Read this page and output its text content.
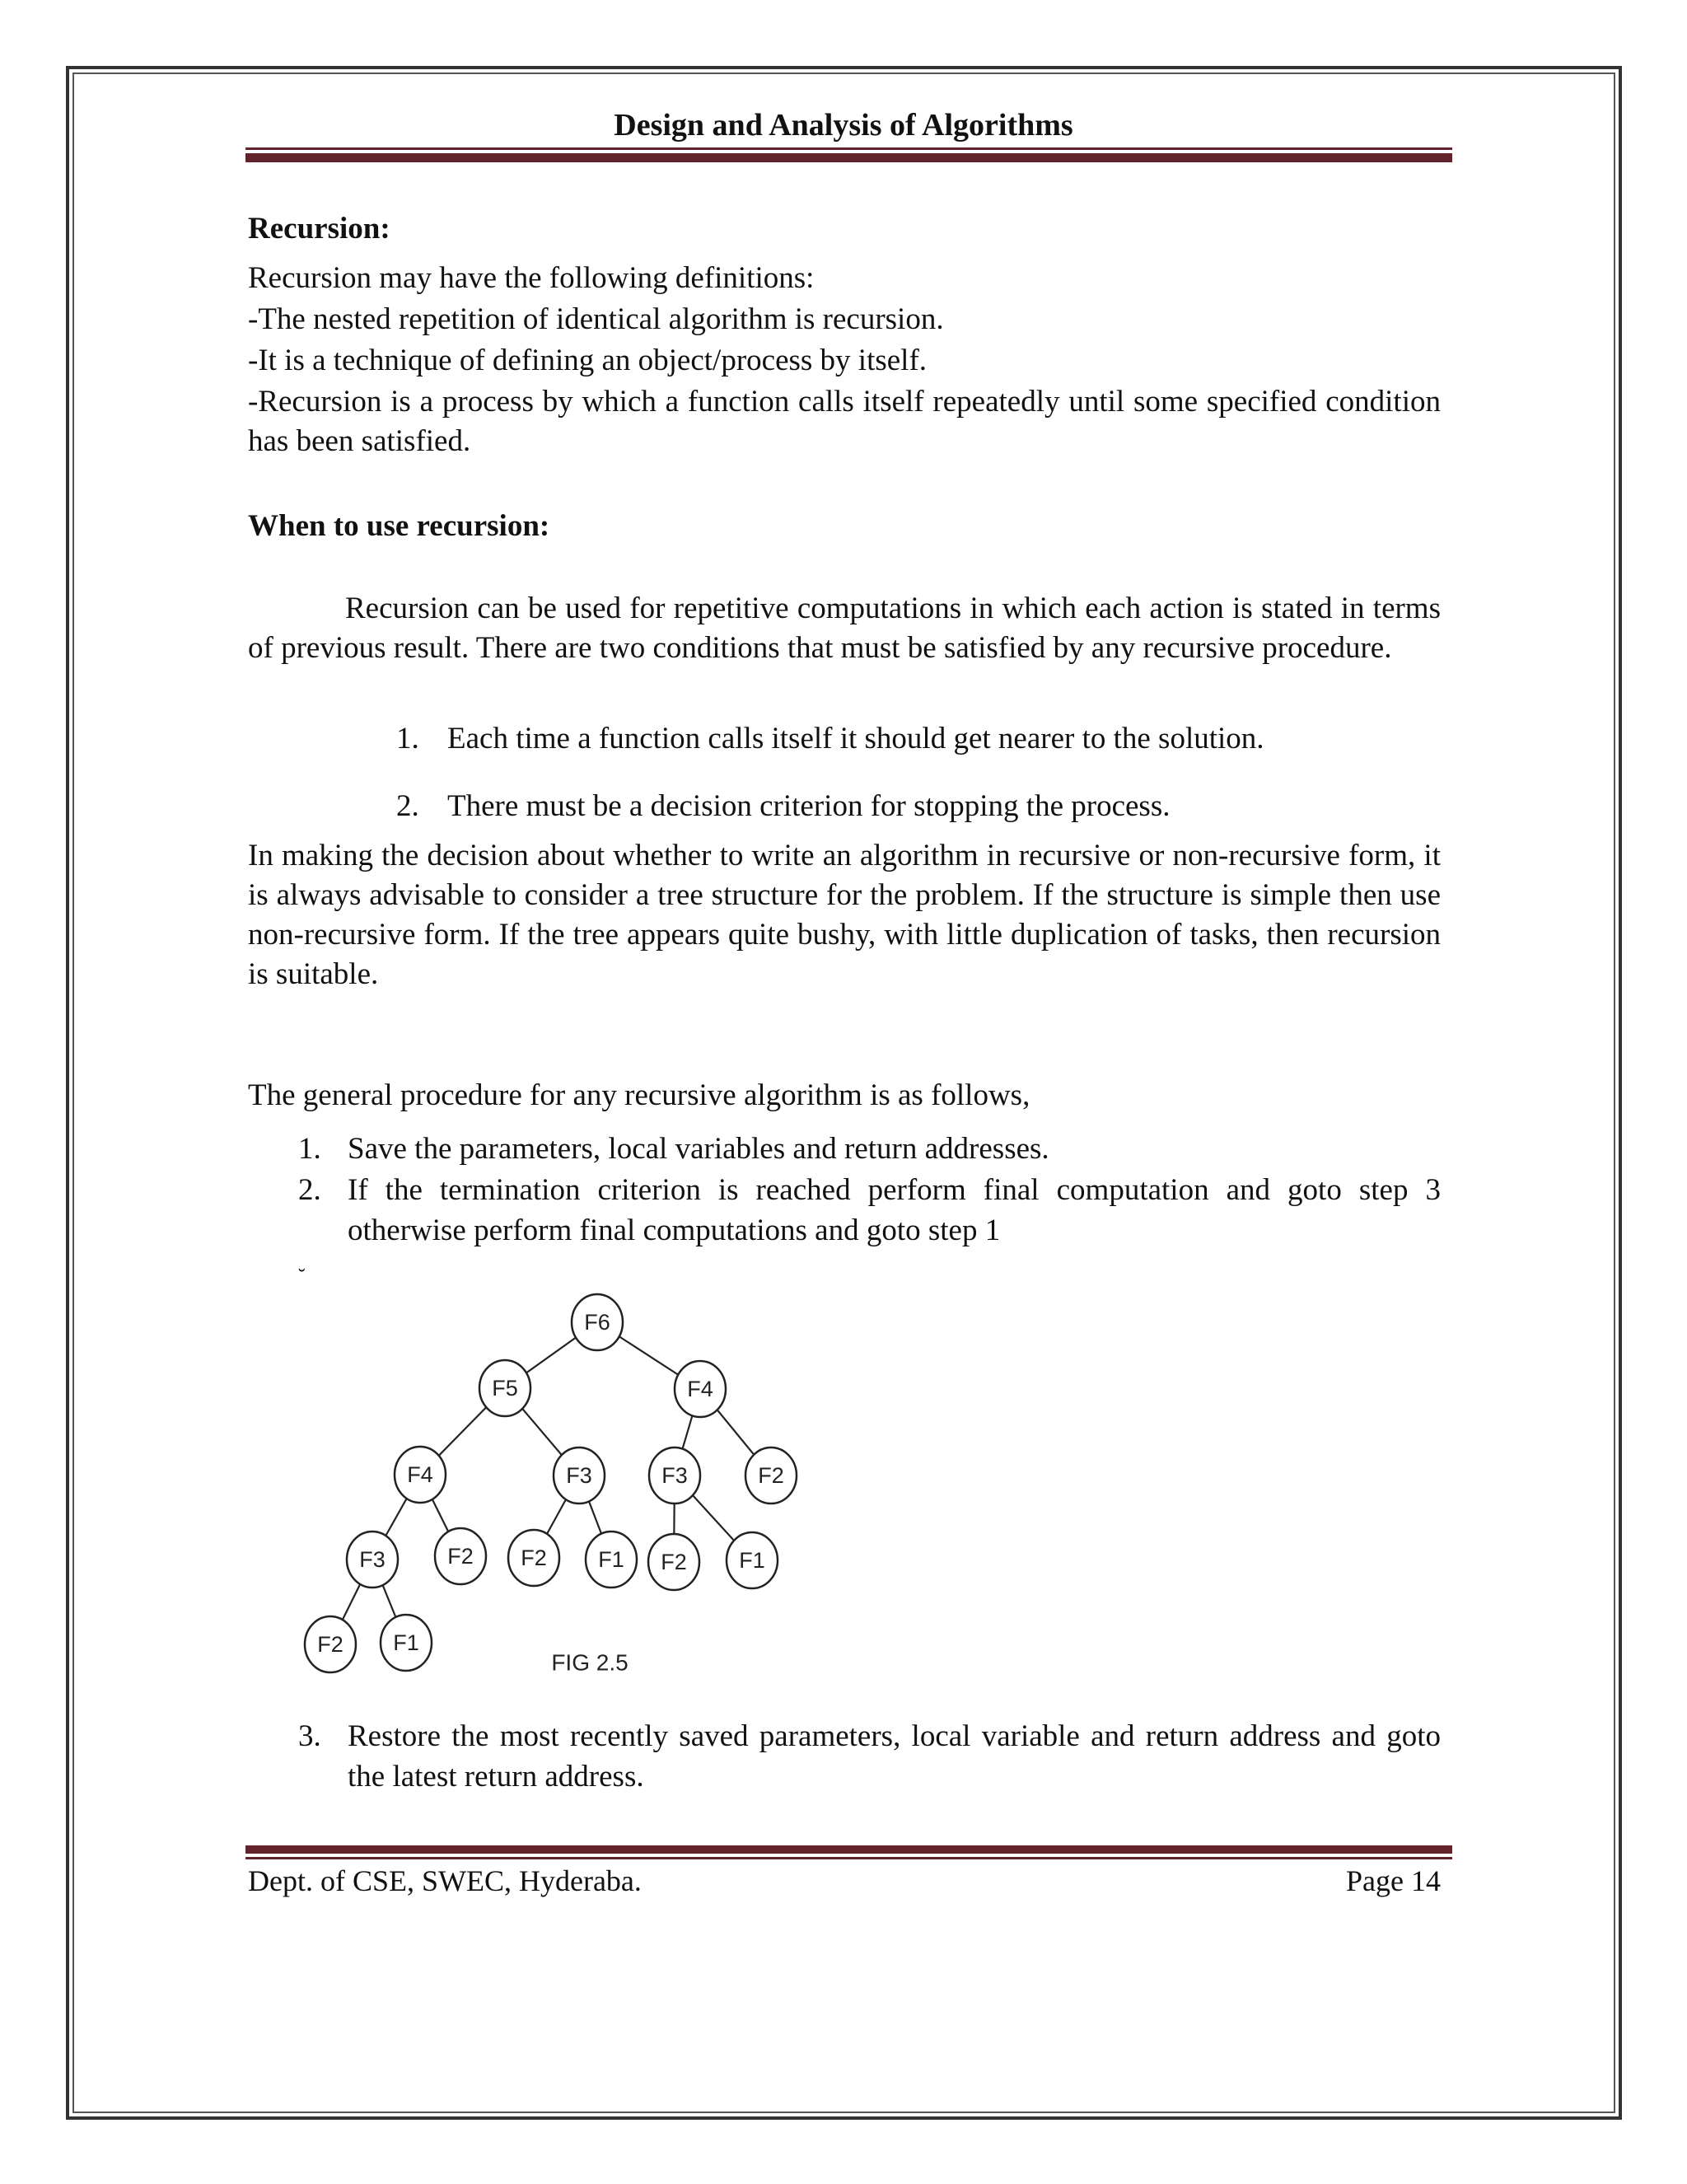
Design and Analysis of Algorithms
Recursion:
Recursion may have the following definitions:
-The nested repetition of identical algorithm is recursion.
-It is a technique of defining an object/process by itself.
-Recursion is a process by which a function calls itself repeatedly until some specified condition has been satisfied.
When to use recursion:
Recursion can be used for repetitive computations in which each action is stated in terms of previous result. There are two conditions that must be satisfied by any recursive procedure.
1. Each time a function calls itself it should get nearer to the solution.
2. There must be a decision criterion for stopping the process.
In making the decision about whether to write an algorithm in recursive or non-recursive form, it is always advisable to consider a tree structure for the problem. If the structure is simple then use non-recursive form. If the tree appears quite bushy, with little duplication of tasks, then recursion is suitable.
The general procedure for any recursive algorithm is as follows,
1. Save the parameters, local variables and return addresses.
2. If the termination criterion is reached perform final computation and goto step 3 otherwise perform final computations and goto step 1
˘
F6
F5	F4
F4	F3	F3	F2
F3	F2 F2 F1 F2 F1
F2 F1
FIG 2.5
3. Restore the most recently saved parameters, local variable and return address and goto the latest return address.
Dept. of CSE, SWEC, Hyderaba.	Page 14
